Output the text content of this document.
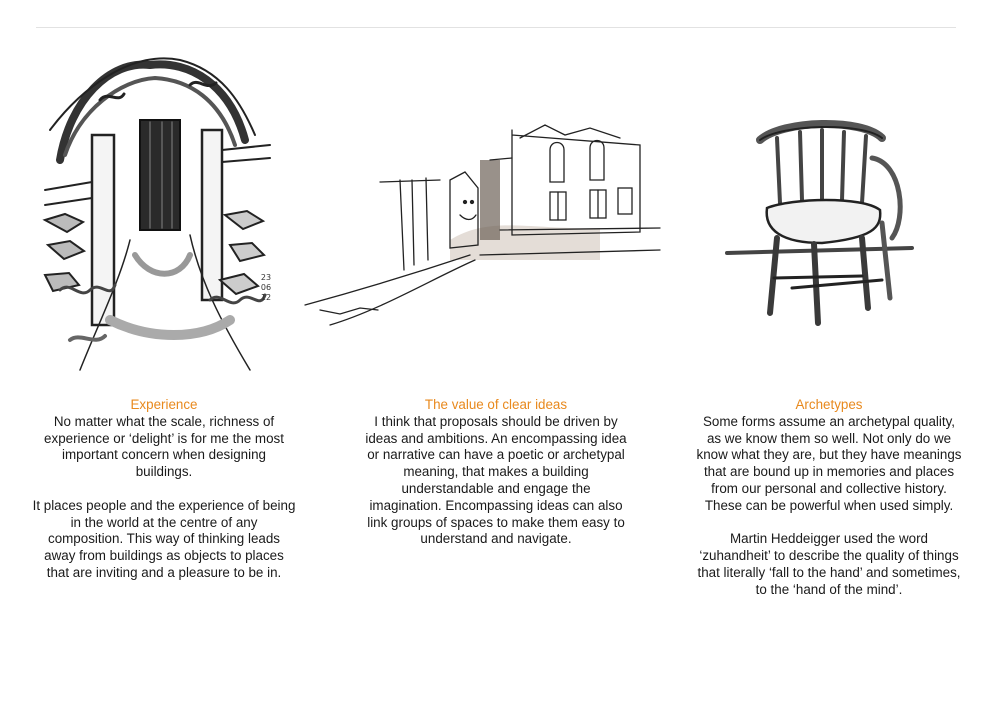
23
06
12
Experience

No matter what the scale, richness of experience or ‘delight’ is for me the most important concern when designing buildings.

It places people and the experience of being in the world at the centre of any composition. This way of thinking leads away from buildings as objects to places that are inviting and a pleasure to be in.

The value of clear ideas

I think that proposals should be driven by ideas and ambitions. An encompassing idea or narrative can have a poetic or archetypal meaning, that makes a building understandable and engage the imagination. Encompassing ideas can also link groups of spaces to make them easy to understand and navigate.

Archetypes

Some forms assume an archetypal quality, as we know them so well. Not only do we know what they are, but they have meanings that are bound up in memories and places from our personal and collective history. These can be powerful when used simply.

Martin Heddeigger used the word ‘zuhandheit’ to describe the quality of things that literally ‘fall to the hand’ and sometimes, to the ‘hand of the mind’.
